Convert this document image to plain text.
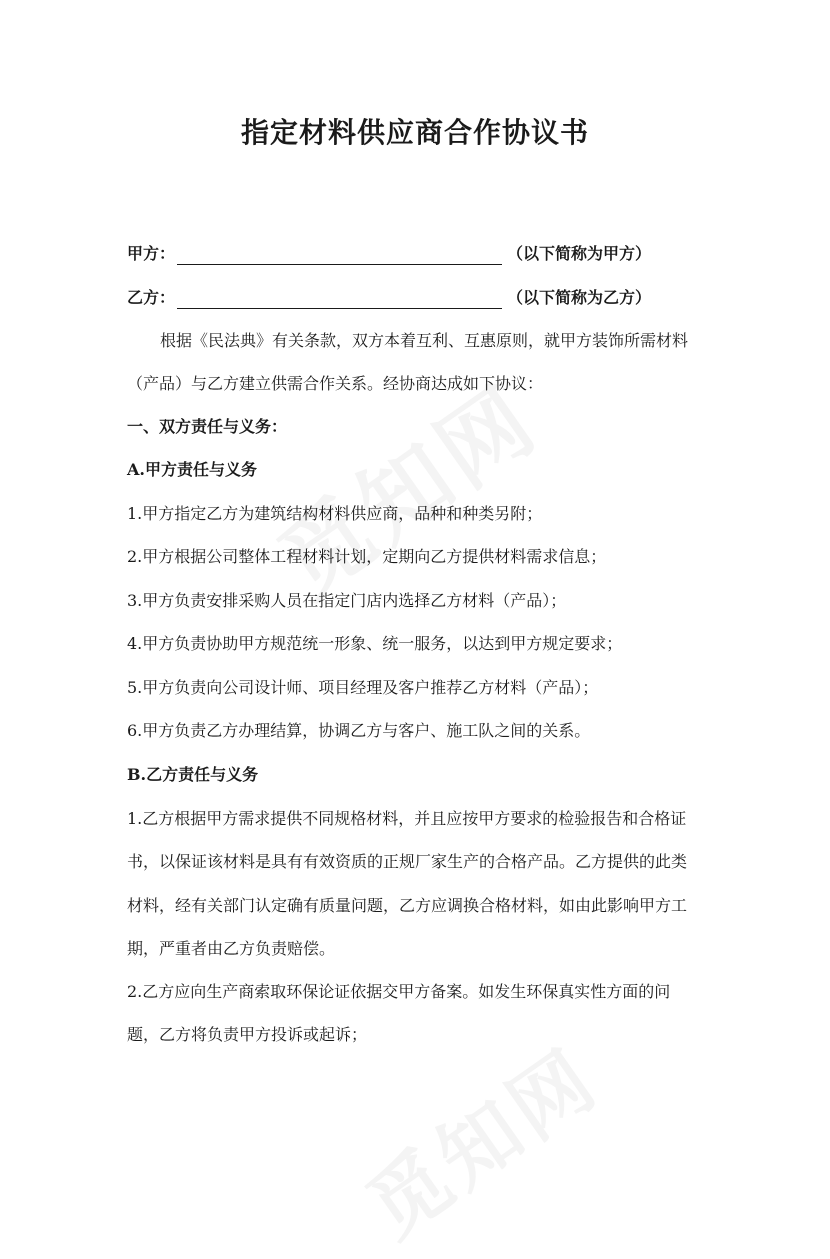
指定材料供应商合作协议书
甲方：	（以下简称为甲方）
乙方：	（以下简称为乙方）
根据《民法典》有关条款，双方本着互利、互惠原则，就甲方装饰所需材料
（产品）与乙方建立供需合作关系。经协商达成如下协议：
一、双方责任与义务：
A.甲方责任与义务
1.甲方指定乙方为建筑结构材料供应商，品种和种类另附；
2.甲方根据公司整体工程材料计划，定期向乙方提供材料需求信息；
3.甲方负责安排采购人员在指定门店内选择乙方材料（产品）；
4.甲方负责协助甲方规范统一形象、统一服务，以达到甲方规定要求；
5.甲方负责向公司设计师、项目经理及客户推荐乙方材料（产品）；
6.甲方负责乙方办理结算，协调乙方与客户、施工队之间的关系。
B.乙方责任与义务
1.乙方根据甲方需求提供不同规格材料，并且应按甲方要求的检验报告和合格证
书，以保证该材料是具有有效资质的正规厂家生产的合格产品。乙方提供的此类
材料，经有关部门认定确有质量问题，乙方应调换合格材料，如由此影响甲方工
期，严重者由乙方负责赔偿。
2.乙方应向生产商索取环保论证依据交甲方备案。如发生环保真实性方面的问
题，乙方将负责甲方投诉或起诉；
